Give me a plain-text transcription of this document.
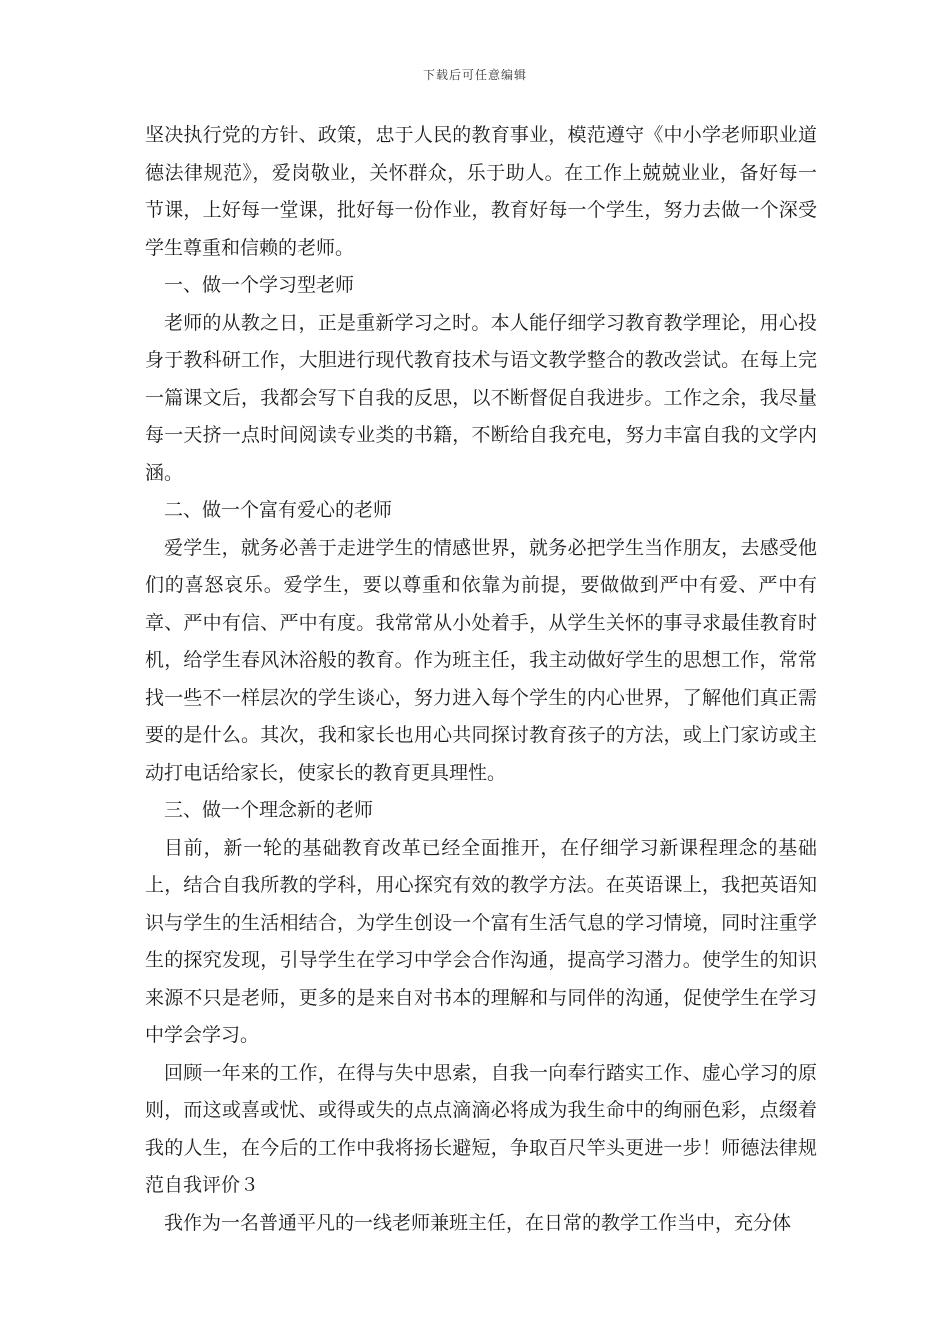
下载后可任意编辑

坚决执行党的方针、政策，忠于人民的教育事业，模范遵守《中小学老师职业道德法律规范》，爱岗敬业，关怀群众，乐于助人。在工作上兢兢业业，备好每一节课，上好每一堂课，批好每一份作业，教育好每一个学生，努力去做一个深受学生尊重和信赖的老师。

一、做一个学习型老师

老师的从教之日，正是重新学习之时。本人能仔细学习教育教学理论，用心投身于教科研工作，大胆进行现代教育技术与语文教学整合的教改尝试。在每上完一篇课文后，我都会写下自我的反思，以不断督促自我进步。工作之余，我尽量每一天挤一点时间阅读专业类的书籍，不断给自我充电，努力丰富自我的文学内涵。

二、做一个富有爱心的老师

爱学生，就务必善于走进学生的情感世界，就务必把学生当作朋友，去感受他们的喜怒哀乐。爱学生，要以尊重和依靠为前提，要做做到严中有爱、严中有章、严中有信、严中有度。我常常从小处着手，从学生关怀的事寻求最佳教育时机，给学生春风沐浴般的教育。作为班主任，我主动做好学生的思想工作，常常找一些不一样层次的学生谈心，努力进入每个学生的内心世界，了解他们真正需要的是什么。其次，我和家长也用心共同探讨教育孩子的方法，或上门家访或主动打电话给家长，使家长的教育更具理性。

三、做一个理念新的老师

目前，新一轮的基础教育改革已经全面推开，在仔细学习新课程理念的基础上，结合自我所教的学科，用心探究有效的教学方法。在英语课上，我把英语知识与学生的生活相结合，为学生创设一个富有生活气息的学习情境，同时注重学生的探究发现，引导学生在学习中学会合作沟通，提高学习潜力。使学生的知识来源不只是老师，更多的是来自对书本的理解和与同伴的沟通，促使学生在学习中学会学习。

回顾一年来的工作，在得与失中思索，自我一向奉行踏实工作、虚心学习的原则，而这或喜或忧、或得或失的点点滴滴必将成为我生命中的绚丽色彩，点缀着我的人生，在今后的工作中我将扬长避短，争取百尺竿头更进一步！师德法律规范自我评价３

我作为一名普通平凡的一线老师兼班主任，在日常的教学工作当中，充分体
